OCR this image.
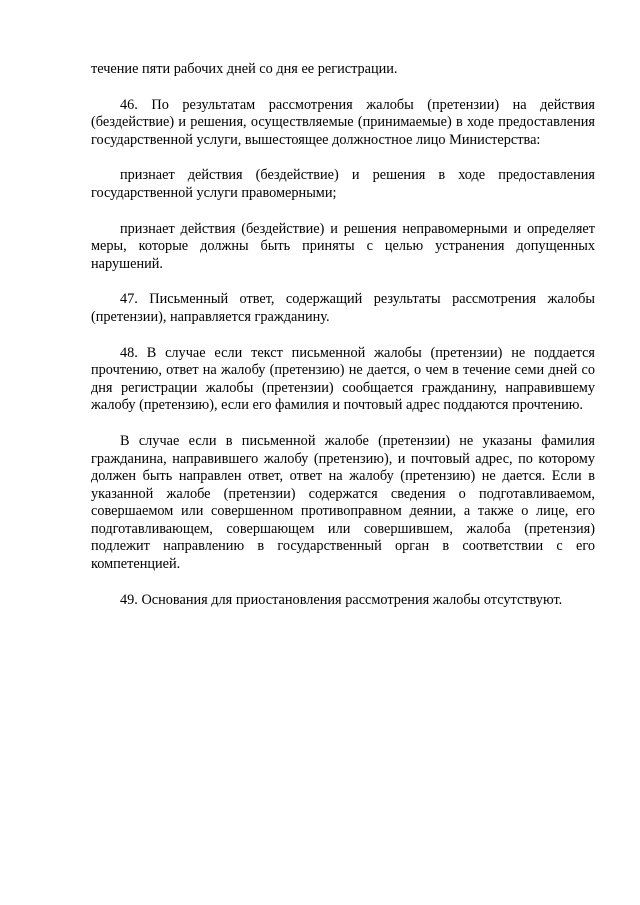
течение пяти рабочих дней со дня ее регистрации.

46. По результатам рассмотрения жалобы (претензии) на действия (бездействие) и решения, осуществляемые (принимаемые) в ходе предоставления государственной услуги, вышестоящее должностное лицо Министерства:

признает действия (бездействие) и решения в ходе предоставления государственной услуги правомерными;

признает действия (бездействие) и решения неправомерными и определяет меры, которые должны быть приняты с целью устранения допущенных нарушений.

47. Письменный ответ, содержащий результаты рассмотрения жалобы (претензии), направляется гражданину.

48. В случае если текст письменной жалобы (претензии) не поддается прочтению, ответ на жалобу (претензию) не дается, о чем в течение семи дней со дня регистрации жалобы (претензии) сообщается гражданину, направившему жалобу (претензию), если его фамилия и почтовый адрес поддаются прочтению.

В случае если в письменной жалобе (претензии) не указаны фамилия гражданина, направившего жалобу (претензию), и почтовый адрес, по которому должен быть направлен ответ, ответ на жалобу (претензию) не дается. Если в указанной жалобе (претензии) содержатся сведения о подготавливаемом, совершаемом или совершенном противоправном деянии, а также о лице, его подготавливающем, совершающем или совершившем, жалоба (претензия) подлежит направлению в государственный орган в соответствии с его компетенцией.

49. Основания для приостановления рассмотрения жалобы отсутствуют.
